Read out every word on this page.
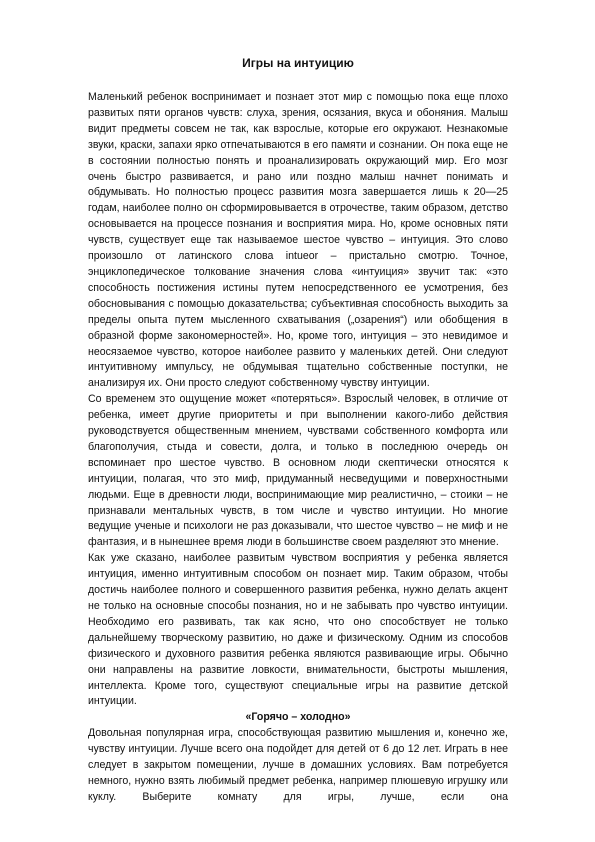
Игры на интуицию

Маленький ребенок воспринимает и познает этот мир с помощью пока еще плохо развитых пяти органов чувств: слуха, зрения, осязания, вкуса и обоняния. Малыш видит предметы совсем не так, как взрослые, которые его окружают. Незнакомые звуки, краски, запахи ярко отпечатываются в его памяти и сознании. Он пока еще не в состоянии полностью понять и проанализировать окружающий мир. Его мозг очень быстро развивается, и рано или поздно малыш начнет понимать и обдумывать. Но полностью процесс развития мозга завершается лишь к 20—25 годам, наиболее полно он сформировывается в отрочестве, таким образом, детство основывается на процессе познания и восприятия мира. Но, кроме основных пяти чувств, существует еще так называемое шестое чувство – интуиция. Это слово произошло от латинского слова intueor – пристально смотрю. Точное, энциклопедическое толкование значения слова «интуиция» звучит так: «это способность постижения истины путем непосредственного ее усмотрения, без обосновывания с помощью доказательства; субъективная способность выходить за пределы опыта путем мысленного схватывания („озарения“) или обобщения в образной форме закономерностей». Но, кроме того, интуиция – это невидимое и неосязаемое чувство, которое наиболее развито у маленьких детей. Они следуют интуитивному импульсу, не обдумывая тщательно собственные поступки, не анализируя их. Они просто следуют собственному чувству интуиции.

Со временем это ощущение может «потеряться». Взрослый человек, в отличие от ребенка, имеет другие приоритеты и при выполнении какого-либо действия руководствуется общественным мнением, чувствами собственного комфорта или благополучия, стыда и совести, долга, и только в последнюю очередь он вспоминает про шестое чувство. В основном люди скептически относятся к интуиции, полагая, что это миф, придуманный несведущими и поверхностными людьми. Еще в древности люди, воспринимающие мир реалистично, – стоики – не признавали ментальных чувств, в том числе и чувство интуиции. Но многие ведущие ученые и психологи не раз доказывали, что шестое чувство – не миф и не фантазия, и в нынешнее время люди в большинстве своем разделяют это мнение.

Как уже сказано, наиболее развитым чувством восприятия у ребенка является интуиция, именно интуитивным способом он познает мир. Таким образом, чтобы достичь наиболее полного и совершенного развития ребенка, нужно делать акцент не только на основные способы познания, но и не забывать про чувство интуиции. Необходимо его развивать, так как ясно, что оно способствует не только дальнейшему творческому развитию, но даже и физическому. Одним из способов физического и духовного развития ребенка являются развивающие игры. Обычно они направлены на развитие ловкости, внимательности, быстроты мышления, интеллекта. Кроме того, существуют специальные игры на развитие детской интуиции.

«Горячо – холодно»

Довольная популярная игра, способствующая развитию мышления и, конечно же, чувству интуиции. Лучше всего она подойдет для детей от 6 до 12 лет. Играть в нее следует в закрытом помещении, лучше в домашних условиях. Вам потребуется немного, нужно взять любимый предмет ребенка, например плюшевую игрушку или куклу. Выберите комнату для игры, лучше, если она
